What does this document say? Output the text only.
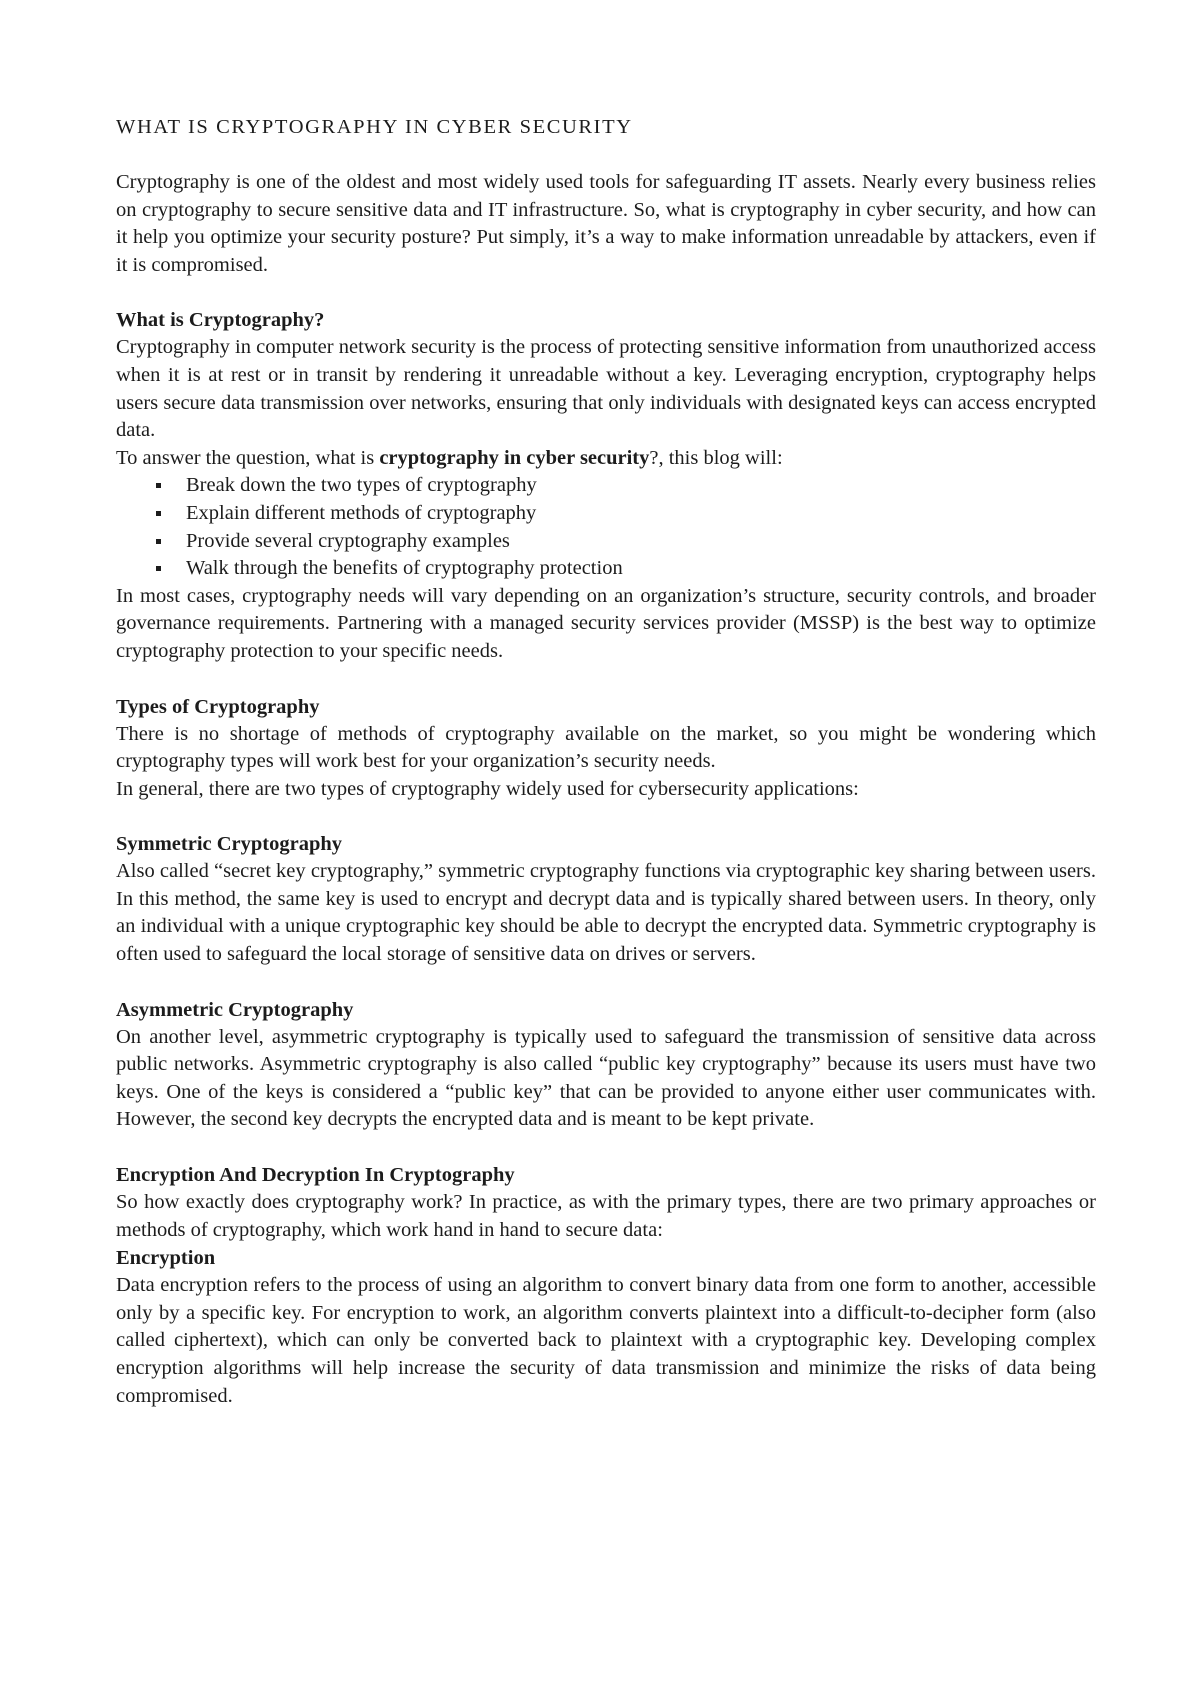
WHAT IS CRYPTOGRAPHY IN CYBER SECURITY

Cryptography is one of the oldest and most widely used tools for safeguarding IT assets. Nearly every business relies on cryptography to secure sensitive data and IT infrastructure. So, what is cryptography in cyber security, and how can it help you optimize your security posture? Put simply, it’s a way to make information unreadable by attackers, even if it is compromised.

What is Cryptography?

Cryptography in computer network security is the process of protecting sensitive information from unauthorized access when it is at rest or in transit by rendering it unreadable without a key. Leveraging encryption, cryptography helps users secure data transmission over networks, ensuring that only individuals with designated keys can access encrypted data.

To answer the question, what is cryptography in cyber security?, this blog will:

Break down the two types of cryptography
Explain different methods of cryptography
Provide several cryptography examples
Walk through the benefits of cryptography protection

In most cases, cryptography needs will vary depending on an organization’s structure, security controls, and broader governance requirements. Partnering with a managed security services provider (MSSP) is the best way to optimize cryptography protection to your specific needs.

Types of Cryptography

There is no shortage of methods of cryptography available on the market, so you might be wondering which cryptography types will work best for your organization’s security needs.

In general, there are two types of cryptography widely used for cybersecurity applications:

Symmetric Cryptography

Also called “secret key cryptography,” symmetric cryptography functions via cryptographic key sharing between users. In this method, the same key is used to encrypt and decrypt data and is typically shared between users. In theory, only an individual with a unique cryptographic key should be able to decrypt the encrypted data. Symmetric cryptography is often used to safeguard the local storage of sensitive data on drives or servers.

Asymmetric Cryptography

On another level, asymmetric cryptography is typically used to safeguard the transmission of sensitive data across public networks. Asymmetric cryptography is also called “public key cryptography” because its users must have two keys. One of the keys is considered a “public key” that can be provided to anyone either user communicates with. However, the second key decrypts the encrypted data and is meant to be kept private.

Encryption And Decryption In Cryptography

So how exactly does cryptography work? In practice, as with the primary types, there are two primary approaches or methods of cryptography, which work hand in hand to secure data:

Encryption

Data encryption refers to the process of using an algorithm to convert binary data from one form to another, accessible only by a specific key. For encryption to work, an algorithm converts plaintext into a difficult-to-decipher form (also called ciphertext), which can only be converted back to plaintext with a cryptographic key. Developing complex encryption algorithms will help increase the security of data transmission and minimize the risks of data being compromised.
